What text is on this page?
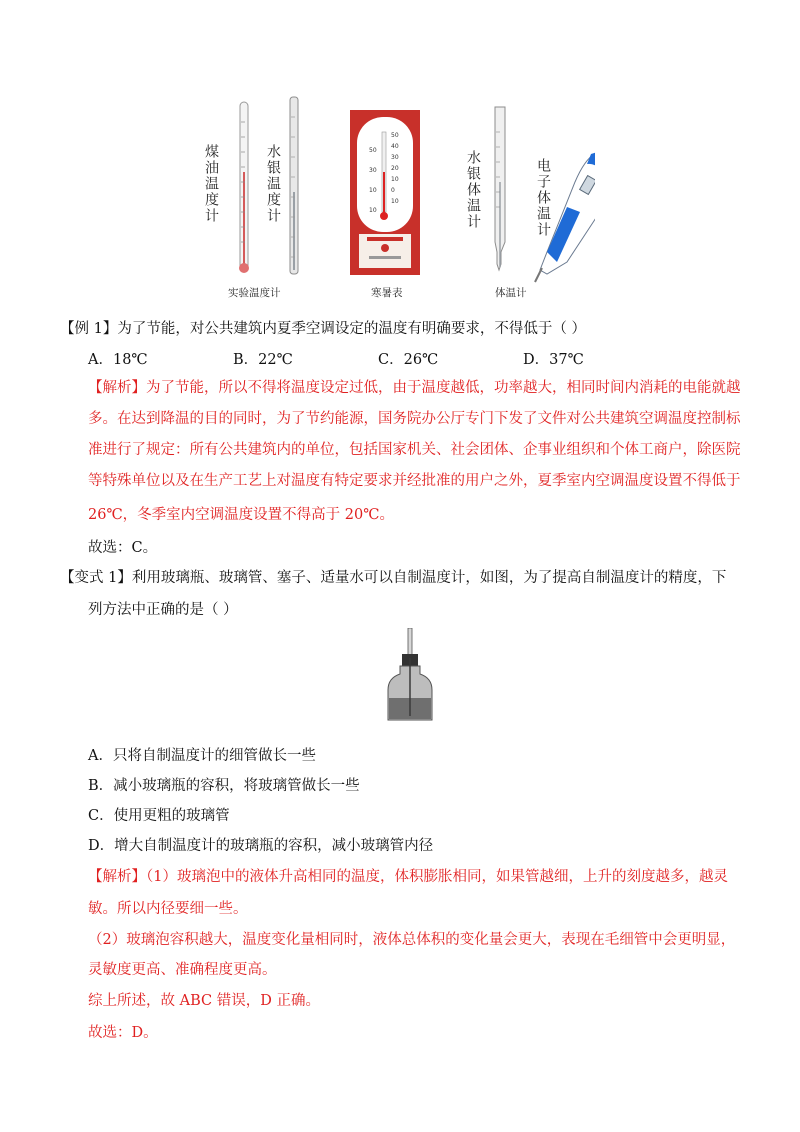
50
40
30
20
10
0
10
50
30
10
10
煤油温度计	水银温度计	水银体温计	电子体温计
实验温度计	寒暑表	体温计
【例 1】为了节能，对公共建筑内夏季空调设定的温度有明确要求，不得低于（ ）
A．18℃	B．22℃	C．26℃	D．37℃
【解析】为了节能，所以不得将温度设定过低，由于温度越低，功率越大，相同时间内消耗的电能就越
多。在达到降温的目的同时，为了节约能源，国务院办公厅专门下发了文件对公共建筑空调温度控制标
准进行了规定：所有公共建筑内的单位，包括国家机关、社会团体、企事业组织和个体工商户，除医院
等特殊单位以及在生产工艺上对温度有特定要求并经批准的用户之外，夏季室内空调温度设置不得低于
26℃，冬季室内空调温度设置不得高于 20℃。
故选：C。
【变式 1】利用玻璃瓶、玻璃管、塞子、适量水可以自制温度计，如图，为了提高自制温度计的精度，下
列方法中正确的是（ ）
A．只将自制温度计的细管做长一些
B．减小玻璃瓶的容积，将玻璃管做长一些
C．使用更粗的玻璃管
D．增大自制温度计的玻璃瓶的容积，减小玻璃管内径
【解析】（1）玻璃泡中的液体升高相同的温度，体积膨胀相同，如果管越细，上升的刻度越多，越灵
敏。所以内径要细一些。
（2）玻璃泡容积越大，温度变化量相同时，液体总体积的变化量会更大，表现在毛细管中会更明显，
灵敏度更高、准确程度更高。
综上所述，故 ABC 错误，D 正确。
故选：D。
